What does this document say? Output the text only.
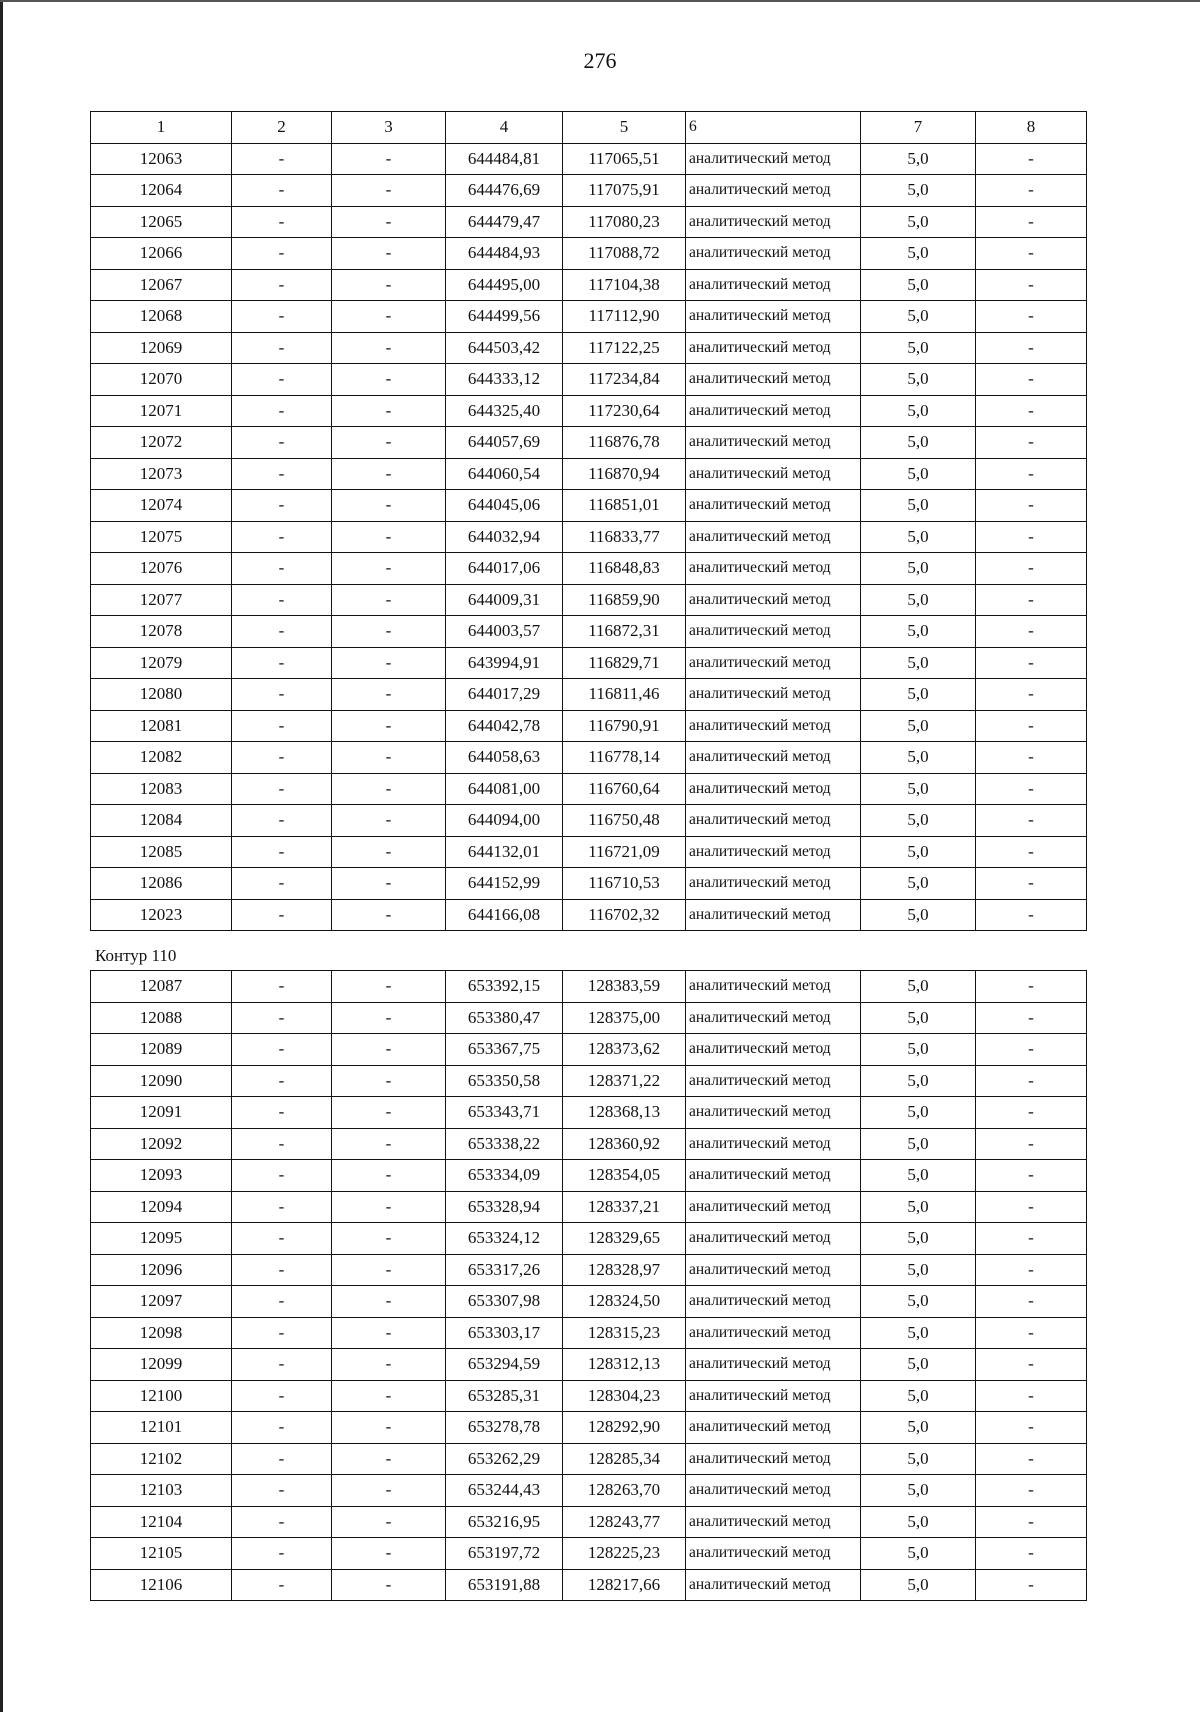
276
1	2	3	4	5	6	7	8
12063	-	-	644484,81	117065,51	аналитический метод	5,0	-
12064	-	-	644476,69	117075,91	аналитический метод	5,0	-
12065	-	-	644479,47	117080,23	аналитический метод	5,0	-
12066	-	-	644484,93	117088,72	аналитический метод	5,0	-
12067	-	-	644495,00	117104,38	аналитический метод	5,0	-
12068	-	-	644499,56	117112,90	аналитический метод	5,0	-
12069	-	-	644503,42	117122,25	аналитический метод	5,0	-
12070	-	-	644333,12	117234,84	аналитический метод	5,0	-
12071	-	-	644325,40	117230,64	аналитический метод	5,0	-
12072	-	-	644057,69	116876,78	аналитический метод	5,0	-
12073	-	-	644060,54	116870,94	аналитический метод	5,0	-
12074	-	-	644045,06	116851,01	аналитический метод	5,0	-
12075	-	-	644032,94	116833,77	аналитический метод	5,0	-
12076	-	-	644017,06	116848,83	аналитический метод	5,0	-
12077	-	-	644009,31	116859,90	аналитический метод	5,0	-
12078	-	-	644003,57	116872,31	аналитический метод	5,0	-
12079	-	-	643994,91	116829,71	аналитический метод	5,0	-
12080	-	-	644017,29	116811,46	аналитический метод	5,0	-
12081	-	-	644042,78	116790,91	аналитический метод	5,0	-
12082	-	-	644058,63	116778,14	аналитический метод	5,0	-
12083	-	-	644081,00	116760,64	аналитический метод	5,0	-
12084	-	-	644094,00	116750,48	аналитический метод	5,0	-
12085	-	-	644132,01	116721,09	аналитический метод	5,0	-
12086	-	-	644152,99	116710,53	аналитический метод	5,0	-
12023	-	-	644166,08	116702,32	аналитический метод	5,0	-
Контур 110
12087	-	-	653392,15	128383,59	аналитический метод	5,0	-
12088	-	-	653380,47	128375,00	аналитический метод	5,0	-
12089	-	-	653367,75	128373,62	аналитический метод	5,0	-
12090	-	-	653350,58	128371,22	аналитический метод	5,0	-
12091	-	-	653343,71	128368,13	аналитический метод	5,0	-
12092	-	-	653338,22	128360,92	аналитический метод	5,0	-
12093	-	-	653334,09	128354,05	аналитический метод	5,0	-
12094	-	-	653328,94	128337,21	аналитический метод	5,0	-
12095	-	-	653324,12	128329,65	аналитический метод	5,0	-
12096	-	-	653317,26	128328,97	аналитический метод	5,0	-
12097	-	-	653307,98	128324,50	аналитический метод	5,0	-
12098	-	-	653303,17	128315,23	аналитический метод	5,0	-
12099	-	-	653294,59	128312,13	аналитический метод	5,0	-
12100	-	-	653285,31	128304,23	аналитический метод	5,0	-
12101	-	-	653278,78	128292,90	аналитический метод	5,0	-
12102	-	-	653262,29	128285,34	аналитический метод	5,0	-
12103	-	-	653244,43	128263,70	аналитический метод	5,0	-
12104	-	-	653216,95	128243,77	аналитический метод	5,0	-
12105	-	-	653197,72	128225,23	аналитический метод	5,0	-
12106	-	-	653191,88	128217,66	аналитический метод	5,0	-
